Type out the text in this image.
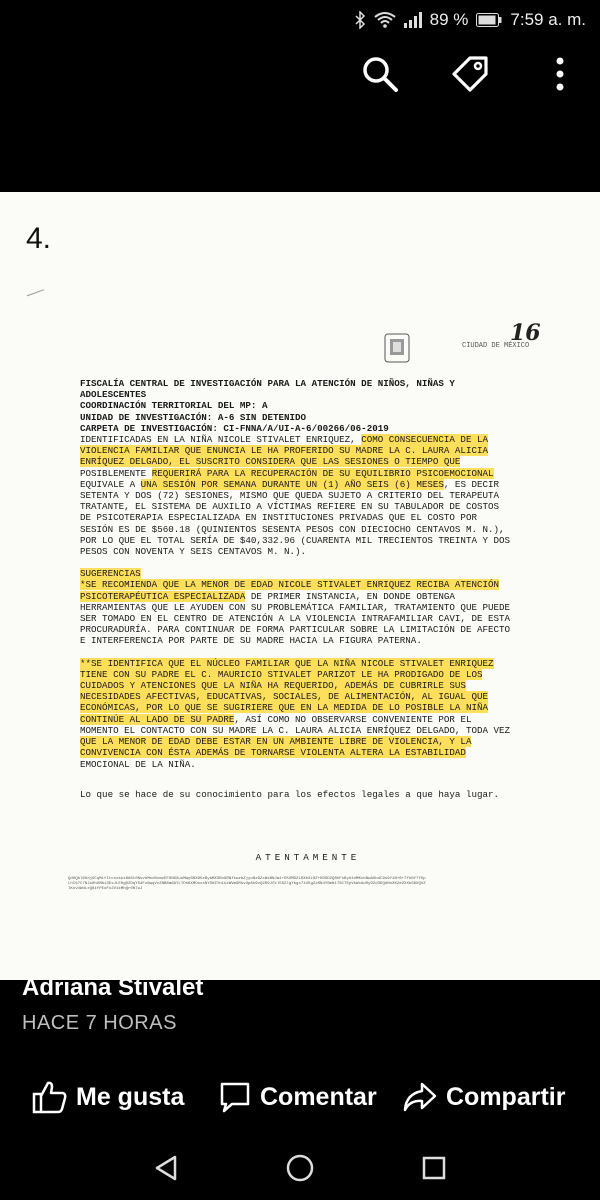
89 % 7:59 a. m.
4.
16
CIUDAD DE MÉXICO
FISCALÍA CENTRAL DE INVESTIGACIÓN PARA LA ATENCIÓN DE NIÑOS, NIÑAS Y
ADOLESCENTES
COORDINACIÓN TERRITORIAL DEL MP: A
UNIDAD DE INVESTIGACIÓN: A-6 SIN DETENIDO
CARPETA DE INVESTIGACIÓN: CI-FNNA/A/UI-A-6/00266/06-2019
IDENTIFICADAS EN LA NIÑA NICOLE STIVALET ENRIQUEZ, COMO CONSECUENCIA DE LA
VIOLENCIA FAMILIAR QUE ENUNCIA LE HA PROFERIDO SU MADRE LA C. LAURA ALICIA
ENRÍQUEZ DELGADO, EL SUSCRITO CONSIDERA QUE LAS SESIONES O TIEMPO QUE
POSIBLEMENTE REQUERIRÁ PARA LA RECUPERACIÓN DE SU EQUILIBRIO PSICOEMOCIONAL
EQUIVALE A UNA SESIÓN POR SEMANA DURANTE UN (1) AÑO SEIS (6) MESES, ES DECIR
SETENTA Y DOS (72) SESIONES, MISMO QUE QUEDA SUJETO A CRITERIO DEL TERAPEUTA
TRATANTE, EL SISTEMA DE AUXILIO A VÍCTIMAS REFIERE EN SU TABULADOR DE COSTOS
DE PSICOTERAPIA ESPECIALIZADA EN INSTITUCIONES PRIVADAS QUE EL COSTO POR
SESIÓN ES DE $560.18 (QUINIENTOS SESENTA PESOS CON DIECIOCHO CENTAVOS M. N.),
POR LO QUE EL TOTAL SERÍA DE $40,332.96 (CUARENTA MIL TRECIENTOS TREINTA Y DOS
PESOS CON NOVENTA Y SEIS CENTAVOS M. N.).
SUGERENCIAS
*SE RECOMIENDA QUE LA MENOR DE EDAD NICOLE STIVALET ENRIQUEZ RECIBA ATENCIÓN
PSICOTERAPÉUTICA ESPECIALIZADA DE PRIMER INSTANCIA, EN DONDE OBTENGA
HERRAMIENTAS QUE LE AYUDEN CON SU PROBLEMÁTICA FAMILIAR, TRATAMIENTO QUE PUEDE
SER TOMADO EN EL CENTRO DE ATENCIÓN A LA VIOLENCIA INTRAFAMILIAR CAVI, DE ESTA
PROCURADURÍA. PARA CONTINUAR DE FORMA PARTICULAR SOBRE LA LIMITACIÓN DE AFECTO
E INTERFERENCIA POR PARTE DE SU MADRE HACIA LA FIGURA PATERNA.
**SE IDENTIFICA QUE EL NÚCLEO FAMILIAR QUE LA NIÑA NICOLE STIVALET ENRIQUEZ
TIENE CON SU PADRE EL C. MAURICIO STIVALET PARIZOT LE HA PRODIGADO DE LOS
CUIDADOS Y ATENCIONES QUE LA NIÑA HA REQUERIDO, ADEMÁS DE CUBRIRLE SUS
NECESIDADES AFECTIVAS, EDUCATIVAS, SOCIALES, DE ALIMENTACIÓN, AL IGUAL QUE
ECONÓMICAS, POR LO QUE SE SUGIRIERE QUE EN LA MEDIDA DE LO POSIBLE LA NIÑA
CONTINÚE AL LADO DE SU PADRE, ASÍ COMO NO OBSERVARSE CONVENIENTE POR EL
MOMENTO EL CONTACTO CON SU MADRE LA C. LAURA ALICIA ENRÍQUEZ DELGADO, TODA VEZ
QUE LA MENOR DE EDAD DEBE ESTAR EN UN AMBIENTE LIBRE DE VIOLENCIA, Y LA
CONVIVENCIA CON ÉSTA ADEMÁS DE TORNARSE VIOLENTA ALTERA LA ESTABILIDAD
EMOCIONAL DE LA NIÑA.
Lo que se hace de su conocimiento para los efectos legales a que haya lugar.
ATENTAMENTE
Qd0Qbl0OdjOCqMLfItcsxkkz8ASt0NsvbMoxBvmzEF6NGXuoMwy0NX95zBybMXSBx9RNfkwzbZjyoNz9ZxWsBNJm1+D5XMDZLRXb3L0Z+HDGDZQRkFsByU4nMKcbNwAXbdC9o9Y1B+6+7fh0Y7f5pLhI67C7NJu0hXMAi3EsJLEHgDZDqYS4Fz6wqVcZNB8m6AYLTDhKXMOoxsNYSHZYnLkzWVm6Rkv3p8k9vQ2R9Jfkl5SZlgYbgx7iU5gZzRN4Y0mN1T8C7EpVkWcAoRyDZd3DQdNnXKZe2XXbS8XQVZlKxvUWdLxQ8tfPEoFo2V1kMhQr0N7uJ
Adriana Stivalet
HACE 7 HORAS
Me gusta	Comentar	Compartir
